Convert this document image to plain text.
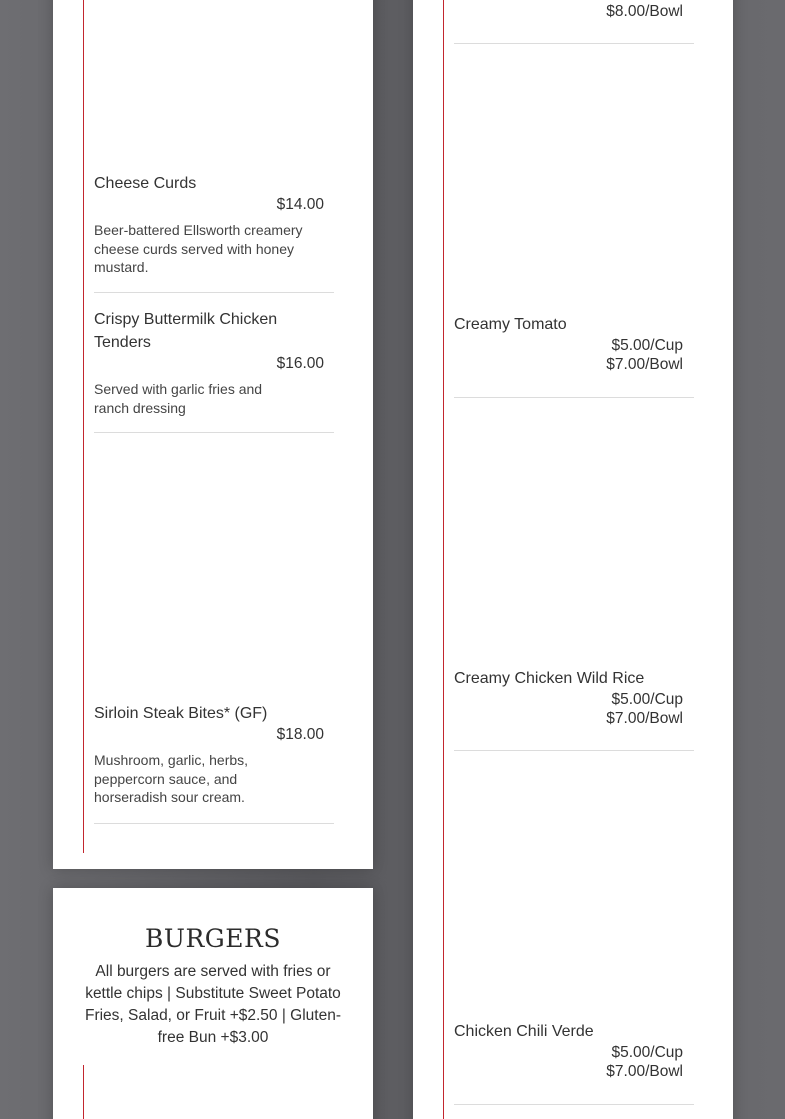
Cheese Curds
$14.00
Beer-battered Ellsworth creamery cheese curds served with honey mustard.
Crispy Buttermilk Chicken Tenders
$16.00
Served with garlic fries and ranch dressing
Sirloin Steak Bites* (GF)
$18.00
Mushroom, garlic, herbs, peppercorn sauce, and horseradish sour cream.
BURGERS
All burgers are served with fries or kettle chips | Substitute Sweet Potato Fries, Salad, or Fruit +$2.50 | Gluten-free Bun +$3.00
$8.00/Bowl
Creamy Tomato
$5.00/Cup
$7.00/Bowl
Creamy Chicken Wild Rice
$5.00/Cup
$7.00/Bowl
Chicken Chili Verde
$5.00/Cup
$7.00/Bowl
